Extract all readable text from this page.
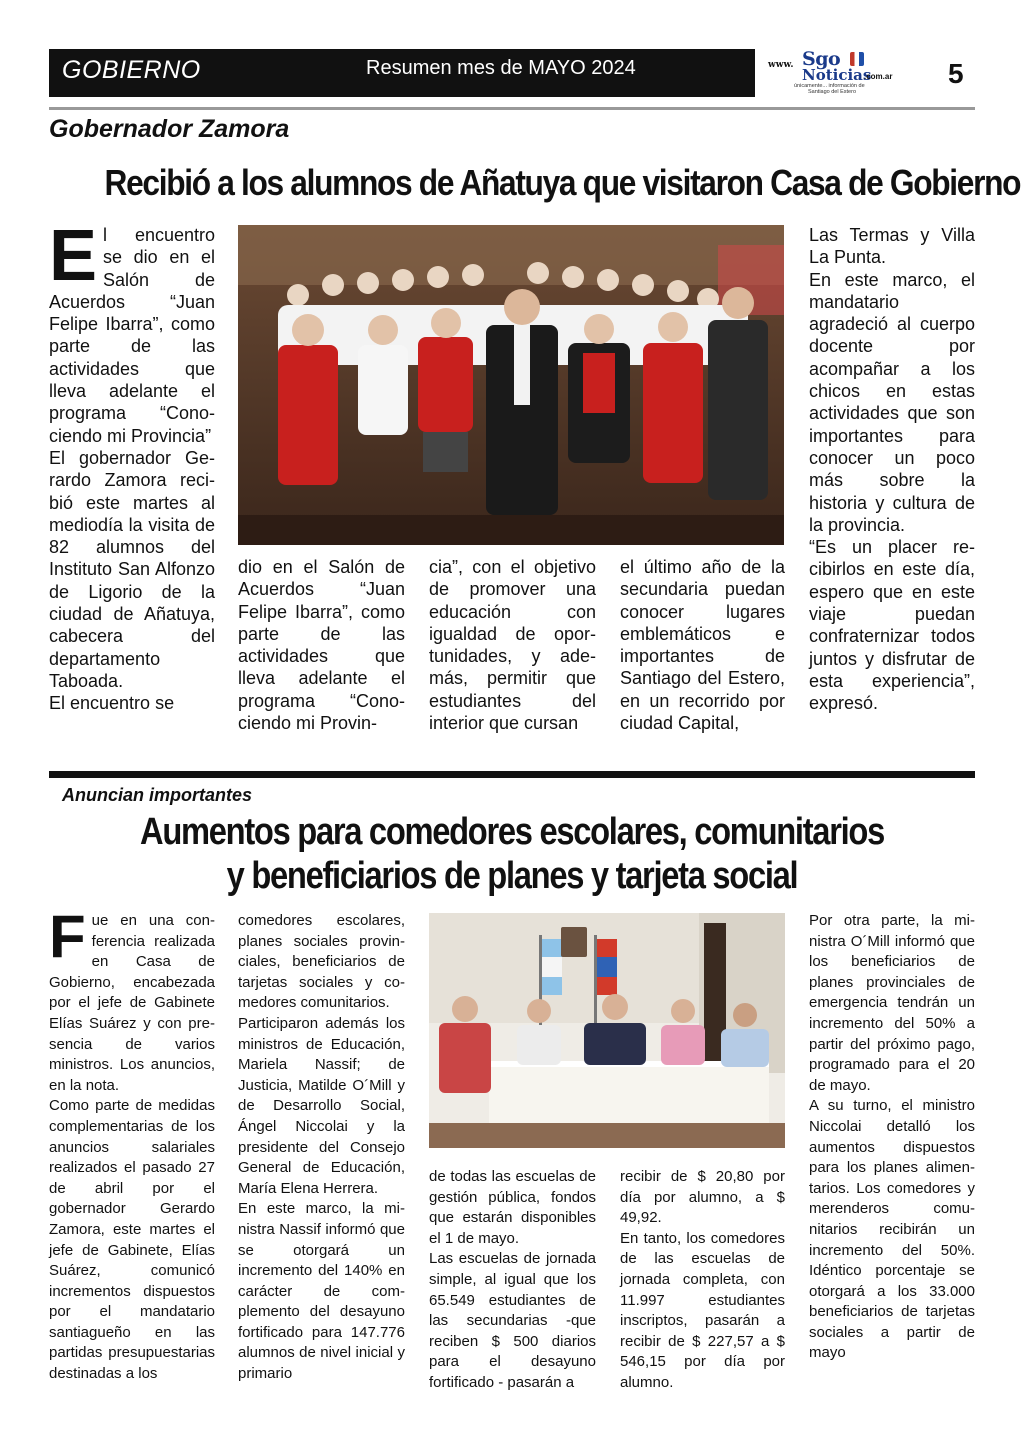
GOBIERNO	Resumen mes de MAYO 2024	www. Sgo
Noticias
.com.ar
únicamente... información de
Santiago del Estero
5
Gobernador Zamora
Recibió a los alumnos de Añatuya que visitaron Casa de Gobierno
El encuentro se dio en el Salón de Acuerdos “Juan Felipe Ibarra”, como parte de las actividades que lleva adelante el programa “Conociendo mi Provincia”
El gobernador Gerardo Zamora recibió este martes al mediodía la visita de 82 alumnos del Instituto San Alfonzo de Ligorio de la ciudad de Añatuya, cabecera del departamento Taboada.
El encuentro se
dio en el Salón de Acuerdos “Juan Felipe Ibarra”, como parte de las actividades que lleva adelante el programa “Conociendo mi Provin-
cia”, con el objetivo de promover una educación con igualdad de oportunidades, y además, permitir que estudiantes del interior que cursan
el último año de la secundaria puedan conocer lugares emblemáticos e importantes de Santiago del Estero, en un recorrido por ciudad Capital,
Las Termas y Villa La Punta.
En este marco, el mandatario agradeció al cuerpo docente por acompañar a los chicos en estas actividades que son importantes para conocer un poco más sobre la historia y cultura de la provincia.
“Es un placer recibirlos en este día, espero que en este viaje puedan confraternizar todos juntos y disfrutar de esta experiencia”, expresó.
Anuncian importantes
Aumentos para comedores escolares, comunitarios
y beneficiarios de planes y tarjeta social
Fue en una conferencia realizada en Casa de Gobierno, encabezada por el jefe de Gabinete Elías Suárez y con presencia de varios ministros. Los anuncios, en la nota.
Como parte de medidas complementarias de los anuncios salariales realizados el pasado 27 de abril por el gobernador Gerardo Zamora, este martes el jefe de Gabinete, Elías Suárez, comunicó incrementos dispuestos por el mandatario santiagueño en las partidas presupuestarias destinadas a los
comedores escolares, planes sociales provinciales, beneficiarios de tarjetas sociales y comedores comunitarios.
Participaron además los ministros de Educación, Mariela Nassif; de Justicia, Matilde O´Mill y de Desarrollo Social, Ángel Niccolai y la presidente del Consejo General de Educación, María Elena Herrera.
En este marco, la ministra Nassif informó que se otorgará un incremento del 140% en carácter de complemento del desayuno fortificado para 147.776 alumnos de nivel inicial y primario
de todas las escuelas de gestión pública, fondos que estarán disponibles el 1 de mayo.
Las escuelas de jornada simple, al igual que los 65.549 estudiantes de las secundarias -que reciben $ 500 diarios para el desayuno fortificado - pasarán a
recibir de $ 20,80 por día por alumno, a $ 49,92.
En tanto, los comedores de las escuelas de jornada completa, con 11.997 estudiantes inscriptos, pasarán a recibir de $ 227,57 a $ 546,15 por día por alumno.
Por otra parte, la ministra O´Mill informó que los beneficiarios de planes provinciales de emergencia tendrán un incremento del 50% a partir del próximo pago, programado para el 20 de mayo.
A su turno, el ministro Niccolai detalló los aumentos dispuestos para los planes alimentarios. Los comedores y merenderos comunitarios recibirán un incremento del 50%. Idéntico porcentaje se otorgará a los 33.000 beneficiarios de tarjetas sociales a partir de mayo
